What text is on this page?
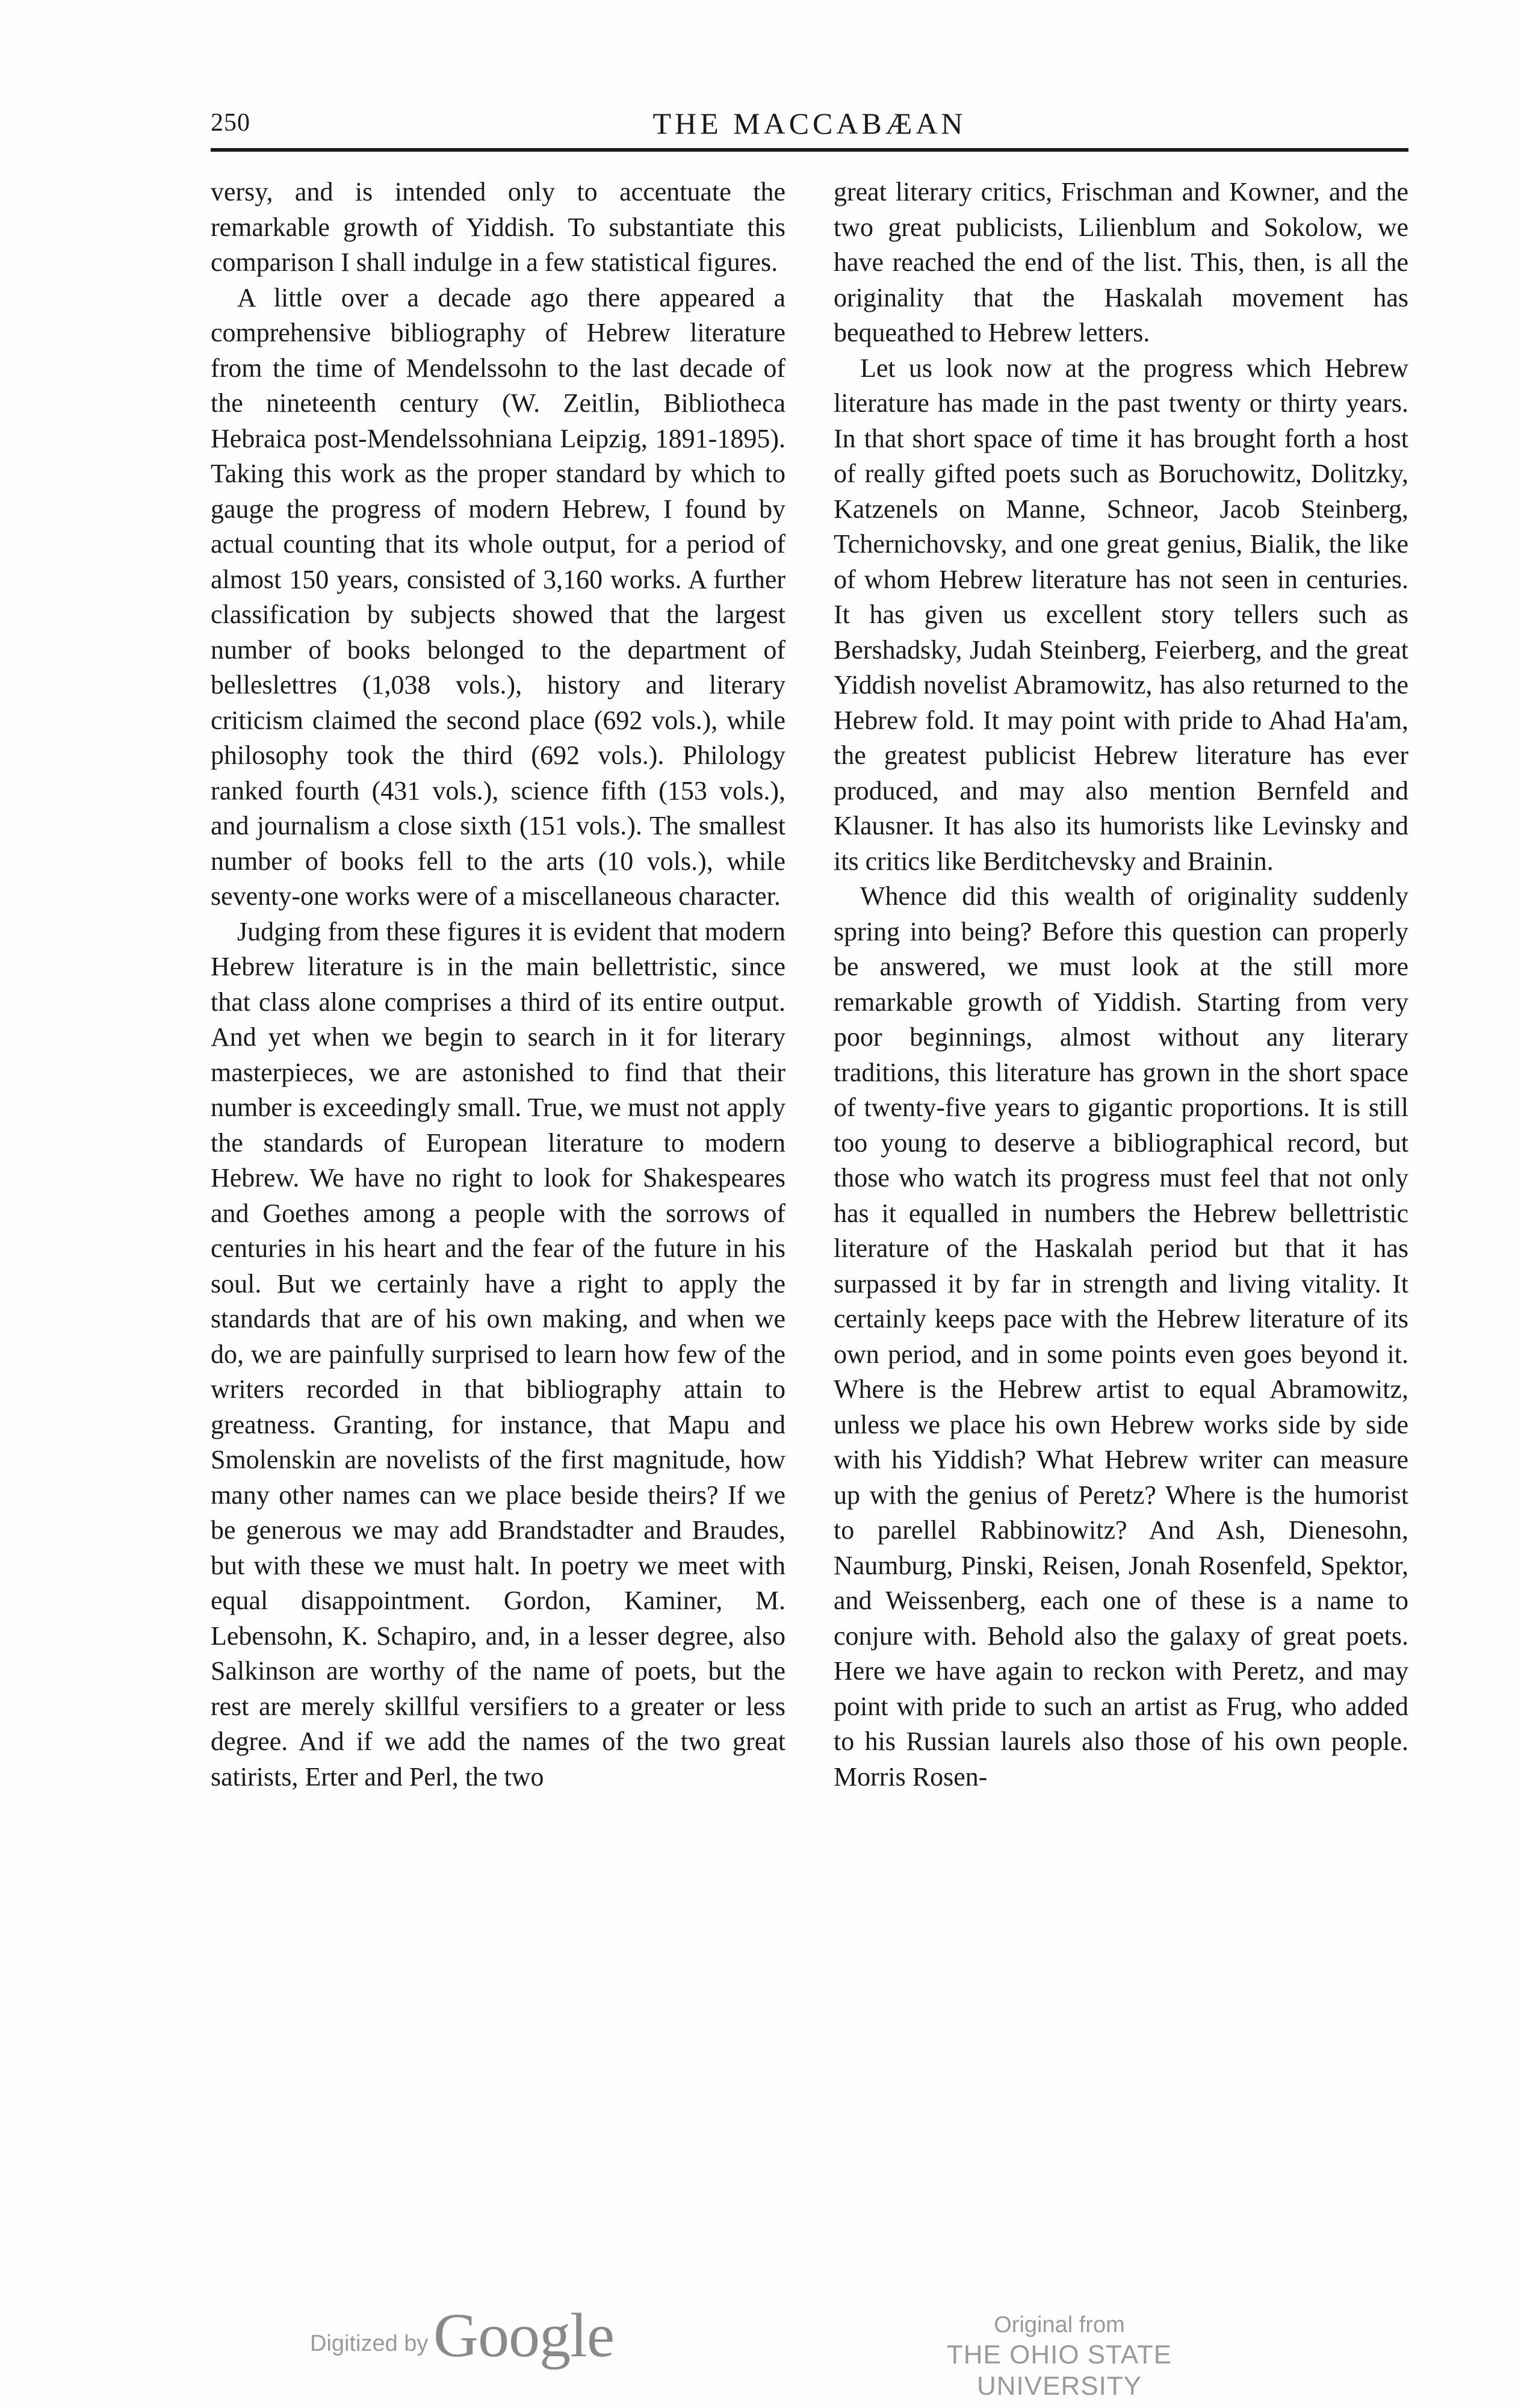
250	THE MACCABÆAN

versy, and is intended only to accentuate the remarkable growth of Yiddish. To substantiate this comparison I shall indulge in a few statistical figures.

A little over a decade ago there appeared a comprehensive bibliography of Hebrew literature from the time of Mendelssohn to the last decade of the nineteenth century (W. Zeitlin, Bibliotheca Hebraica post-Mendelssohniana Leipzig, 1891-1895). Taking this work as the proper standard by which to gauge the progress of modern Hebrew, I found by actual counting that its whole output, for a period of almost 150 years, consisted of 3,160 works. A further classification by subjects showed that the largest number of books belonged to the department of belleslettres (1,038 vols.), history and literary criticism claimed the second place (692 vols.), while philosophy took the third (692 vols.). Philology ranked fourth (431 vols.), science fifth (153 vols.), and journalism a close sixth (151 vols.). The smallest number of books fell to the arts (10 vols.), while seventy-one works were of a miscellaneous character.

Judging from these figures it is evident that modern Hebrew literature is in the main bellettristic, since that class alone comprises a third of its entire output. And yet when we begin to search in it for literary masterpieces, we are astonished to find that their number is exceedingly small. True, we must not apply the standards of European literature to modern Hebrew. We have no right to look for Shakespeares and Goethes among a people with the sorrows of centuries in his heart and the fear of the future in his soul. But we certainly have a right to apply the standards that are of his own making, and when we do, we are painfully surprised to learn how few of the writers recorded in that bibliography attain to greatness. Granting, for instance, that Mapu and Smolenskin are novelists of the first magnitude, how many other names can we place beside theirs? If we be generous we may add Brandstadter and Braudes, but with these we must halt. In poetry we meet with equal disappointment. Gordon, Kaminer, M. Lebensohn, K. Schapiro, and, in a lesser degree, also Salkinson are worthy of the name of poets, but the rest are merely skillful versifiers to a greater or less degree. And if we add the names of the two great satirists, Erter and Perl, the two

great literary critics, Frischman and Kowner, and the two great publicists, Lilienblum and Sokolow, we have reached the end of the list. This, then, is all the originality that the Haskalah movement has bequeathed to Hebrew letters.

Let us look now at the progress which Hebrew literature has made in the past twenty or thirty years. In that short space of time it has brought forth a host of really gifted poets such as Boruchowitz, Dolitzky, Katzenels on Manne, Schneor, Jacob Steinberg, Tchernichovsky, and one great genius, Bialik, the like of whom Hebrew literature has not seen in centuries. It has given us excellent story tellers such as Bershadsky, Judah Steinberg, Feierberg, and the great Yiddish novelist Abramowitz, has also returned to the Hebrew fold. It may point with pride to Ahad Ha'am, the greatest publicist Hebrew literature has ever produced, and may also mention Bernfeld and Klausner. It has also its humorists like Levinsky and its critics like Berditchevsky and Brainin.

Whence did this wealth of originality suddenly spring into being? Before this question can properly be answered, we must look at the still more remarkable growth of Yiddish. Starting from very poor beginnings, almost without any literary traditions, this literature has grown in the short space of twenty-five years to gigantic proportions. It is still too young to deserve a bibliographical record, but those who watch its progress must feel that not only has it equalled in numbers the Hebrew bellettristic literature of the Haskalah period but that it has surpassed it by far in strength and living vitality. It certainly keeps pace with the Hebrew literature of its own period, and in some points even goes beyond it. Where is the Hebrew artist to equal Abramowitz, unless we place his own Hebrew works side by side with his Yiddish? What Hebrew writer can measure up with the genius of Peretz? Where is the humorist to parellel Rabbinowitz? And Ash, Dienesohn, Naumburg, Pinski, Reisen, Jonah Rosenfeld, Spektor, and Weissenberg, each one of these is a name to conjure with. Behold also the galaxy of great poets. Here we have again to reckon with Peretz, and may point with pride to such an artist as Frug, who added to his Russian laurels also those of his own people. Morris Rosen-

Digitized by Google	Original from
THE OHIO STATE UNIVERSITY
